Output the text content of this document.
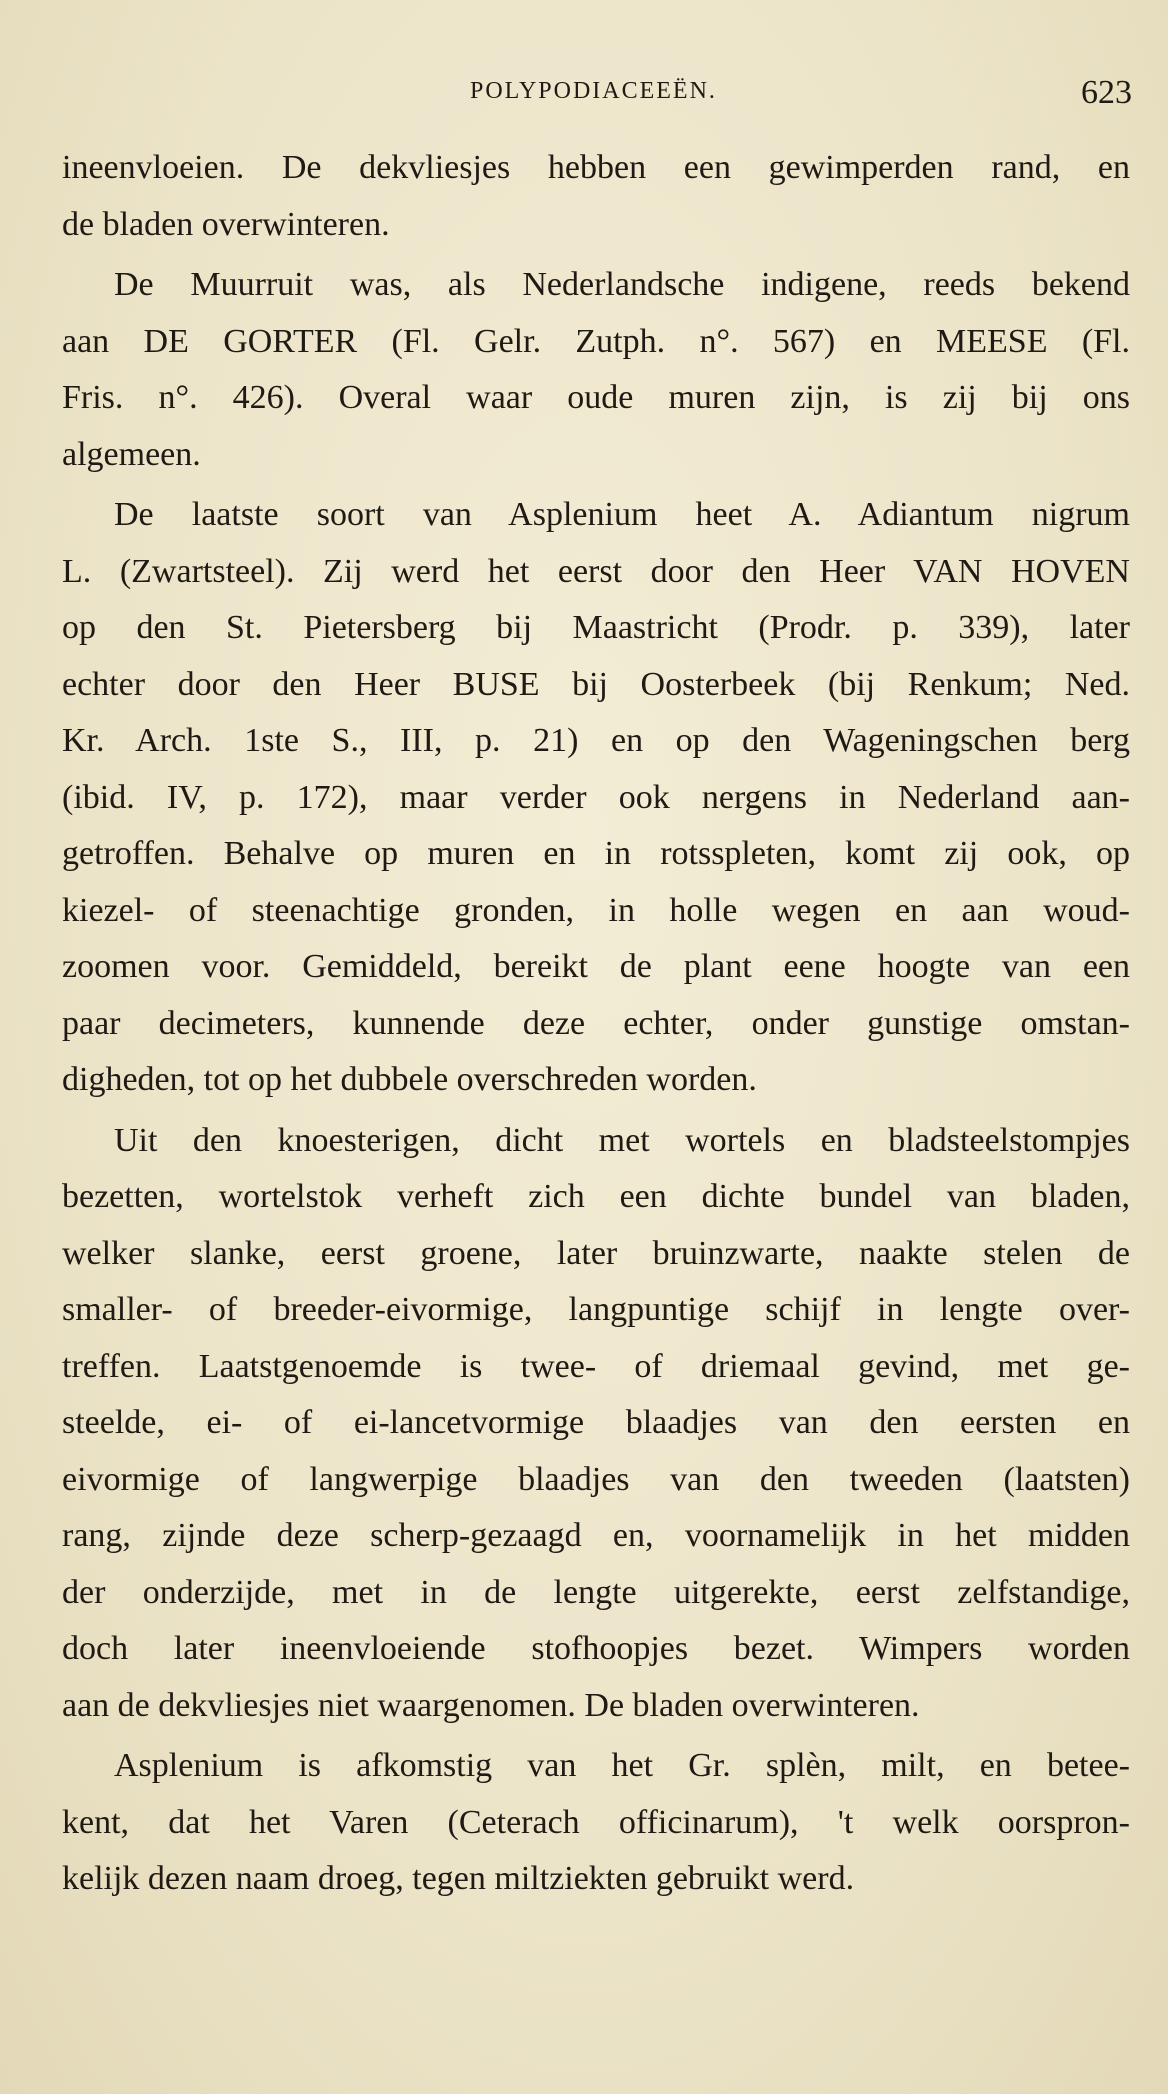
POLYPODIACEEËN.	623
ineenvloeien. De dekvliesjes hebben een gewimperden rand, en
de bladen overwinteren.
De Muurruit was, als Nederlandsche indigene, reeds bekend
aan DE GORTER (Fl. Gelr. Zutph. n°. 567) en MEESE (Fl.
Fris. n°. 426). Overal waar oude muren zijn, is zij bij ons
algemeen.
De laatste soort van Asplenium heet A. Adiantum nigrum
L. (Zwartsteel). Zij werd het eerst door den Heer VAN HOVEN
op den St. Pietersberg bij Maastricht (Prodr. p. 339), later
echter door den Heer BUSE bij Oosterbeek (bij Renkum; Ned.
Kr. Arch. 1ste S., III, p. 21) en op den Wageningschen berg
(ibid. IV, p. 172), maar verder ook nergens in Nederland aan-
getroffen. Behalve op muren en in rotsspleten, komt zij ook, op
kiezel- of steenachtige gronden, in holle wegen en aan woud-
zoomen voor. Gemiddeld, bereikt de plant eene hoogte van een
paar decimeters, kunnende deze echter, onder gunstige omstan-
digheden, tot op het dubbele overschreden worden.
Uit den knoesterigen, dicht met wortels en bladsteelstompjes
bezetten, wortelstok verheft zich een dichte bundel van bladen,
welker slanke, eerst groene, later bruinzwarte, naakte stelen de
smaller- of breeder-eivormige, langpuntige schijf in lengte over-
treffen. Laatstgenoemde is twee- of driemaal gevind, met ge-
steelde, ei- of ei-lancetvormige blaadjes van den eersten en
eivormige of langwerpige blaadjes van den tweeden (laatsten)
rang, zijnde deze scherp-gezaagd en, voornamelijk in het midden
der onderzijde, met in de lengte uitgerekte, eerst zelfstandige,
doch later ineenvloeiende stofhoopjes bezet. Wimpers worden
aan de dekvliesjes niet waargenomen. De bladen overwinteren.
Asplenium is afkomstig van het Gr. splèn, milt, en betee-
kent, dat het Varen (Ceterach officinarum), 't welk oorspron-
kelijk dezen naam droeg, tegen miltziekten gebruikt werd.
